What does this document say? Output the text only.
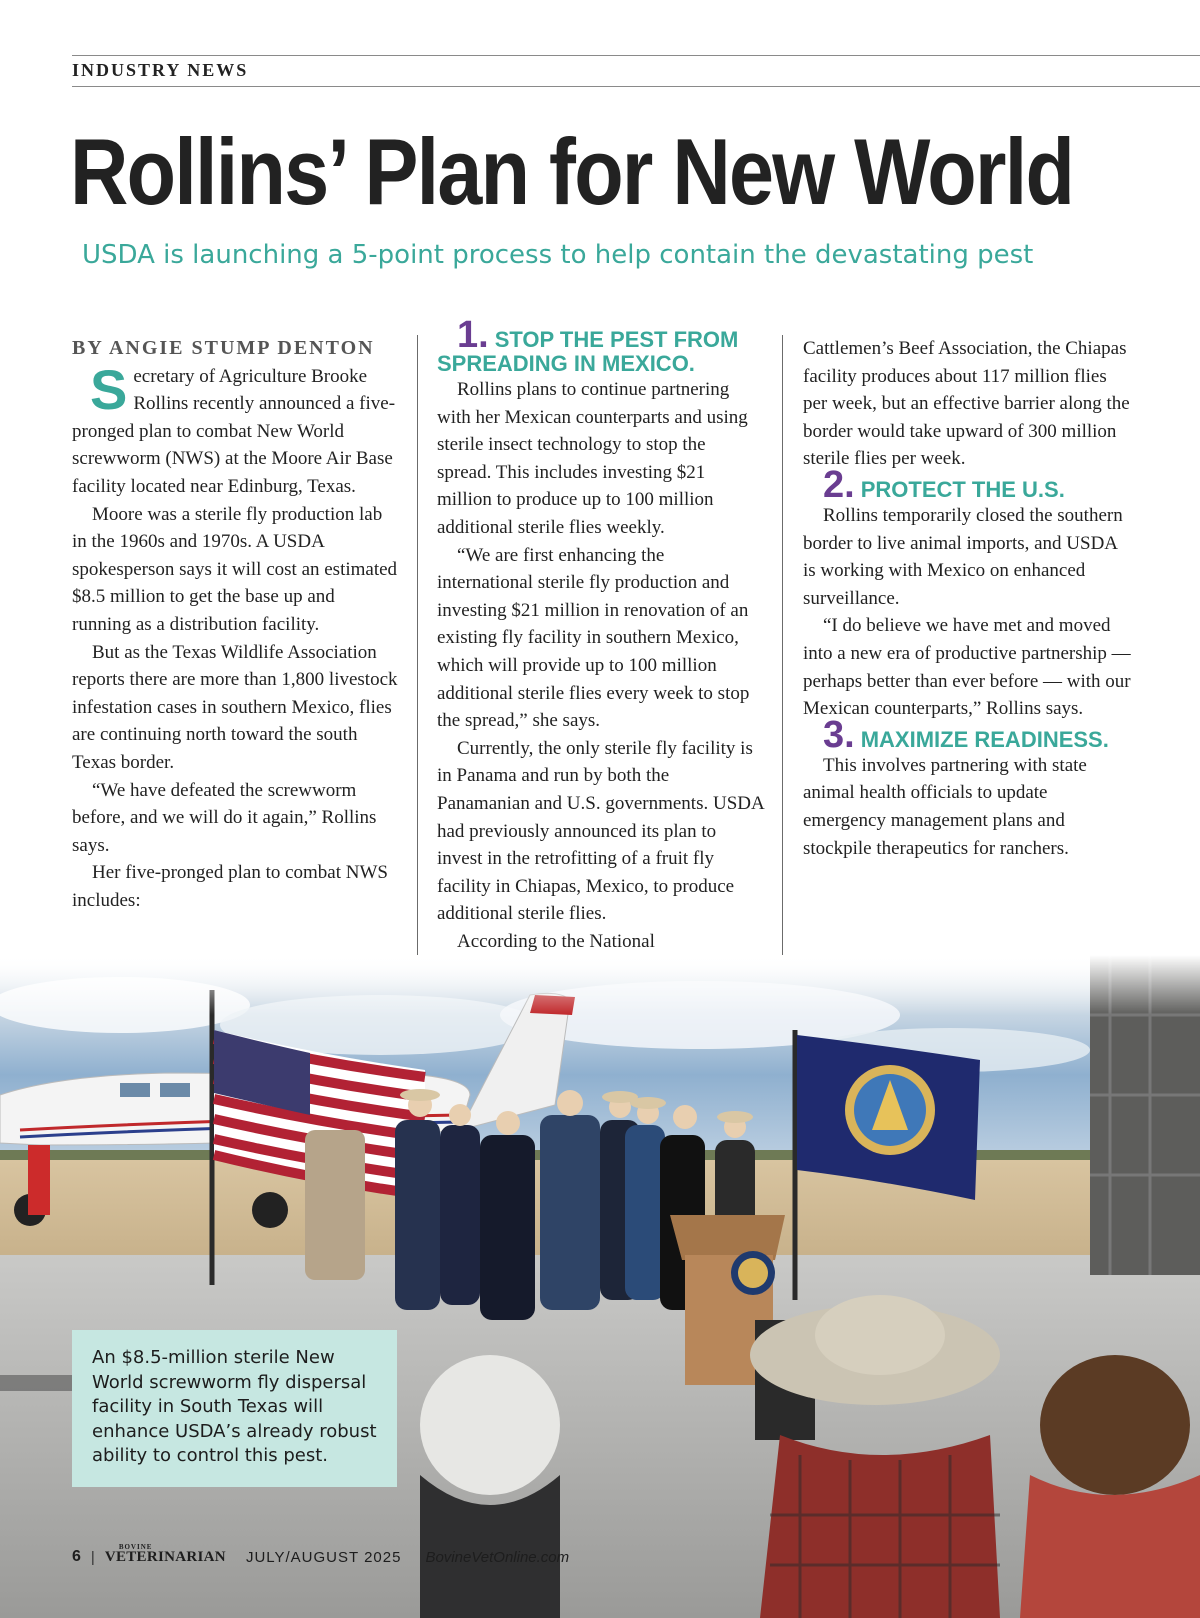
INDUSTRY NEWS
Rollins’ Plan for New World
USDA is launching a 5-point process to help contain the devastating pest

BY ANGIE STUMP DENTON

Secretary of Agriculture Brooke Rollins recently announced a five-pronged plan to combat New World screwworm (NWS) at the Moore Air Base facility located near Edinburg, Texas.

Moore was a sterile fly production lab in the 1960s and 1970s. A USDA spokesperson says it will cost an estimated $8.5 million to get the base up and running as a distribution facility.

But as the Texas Wildlife Association reports there are more than 1,800 livestock infestation cases in southern Mexico, flies are continuing north toward the south Texas border.

“We have defeated the screwworm before, and we will do it again,” Rollins says.

Her five-pronged plan to combat NWS includes:

1. STOP THE PEST FROM SPREADING IN MEXICO.

Rollins plans to continue partnering with her Mexican counterparts and using sterile insect technology to stop the spread. This includes investing $21 million to produce up to 100 million additional sterile flies weekly.

“We are first enhancing the international sterile fly production and investing $21 million in renovation of an existing fly facility in southern Mexico, which will provide up to 100 million additional sterile flies every week to stop the spread,” she says.

Currently, the only sterile fly facility is in Panama and run by both the Panamanian and U.S. governments. USDA had previously announced its plan to invest in the retrofitting of a fruit fly facility in Chiapas, Mexico, to produce additional sterile flies.

According to the National

Cattlemen’s Beef Association, the Chiapas facility produces about 117 million flies per week, but an effective barrier along the border would take upward of 300 million sterile flies per week.

2. PROTECT THE U.S.

Rollins temporarily closed the southern border to live animal imports, and USDA is working with Mexico on enhanced surveillance.

“I do believe we have met and moved into a new era of productive partnership — perhaps better than ever before — with our Mexican counterparts,” Rollins says.

3. MAXIMIZE READINESS.

This involves partnering with state animal health officials to update emergency management plans and stockpile therapeutics for ranchers.

An $8.5-million sterile New World screwworm fly dispersal facility in South Texas will enhance USDA’s already robust ability to control this pest.
6 |
BOVINE
VETERINARIAN JULY/AUGUST 2025 BovineVetOnline.com
